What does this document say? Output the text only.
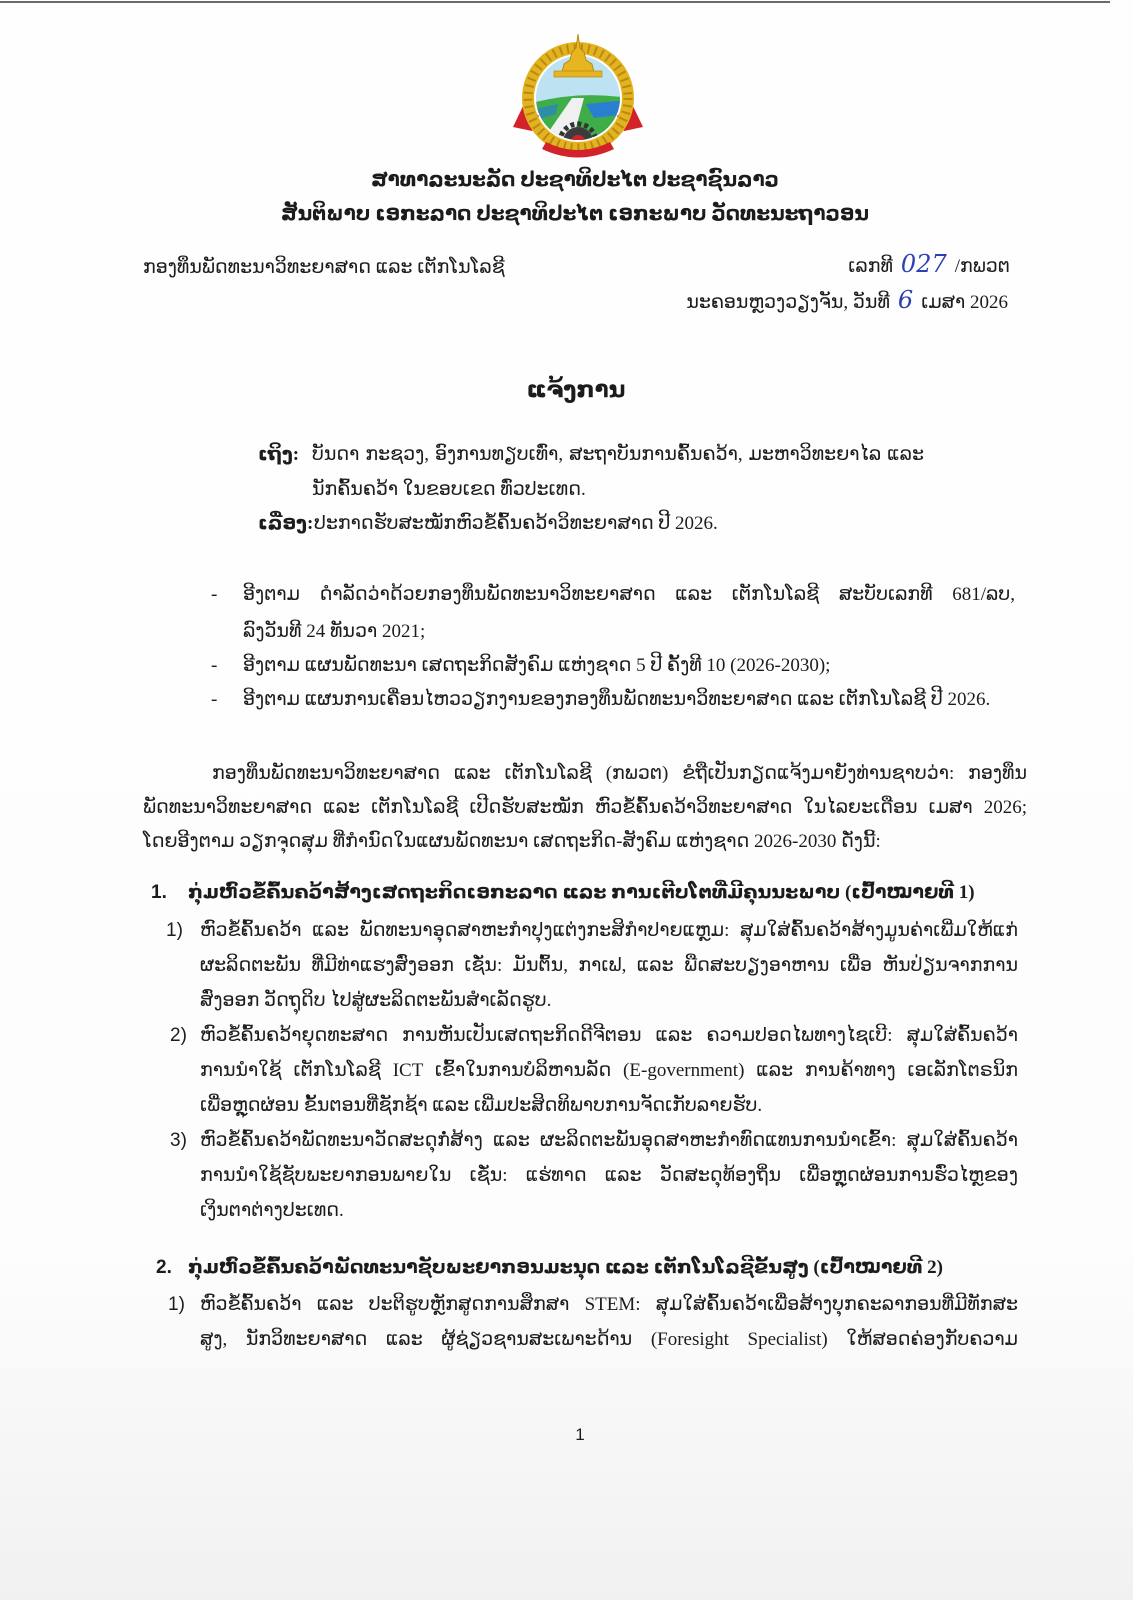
ສາທາລະນະລັດ ປະຊາທິປະໄຕ ປະຊາຊົນລາວ
ສັນຕິພາບ ເອກະລາດ ປະຊາທິປະໄຕ ເອກະພາບ ວັດທະນະຖາວອນ
ກອງທຶນພັດທະນາວິທະຍາສາດ ແລະ ເຕັກໂນໂລຊີ	ເລກທີ 027 /ກພວຕ
ນະຄອນຫຼວງວຽງຈັນ, ວັນທີ 6 ເມສາ 2026
ແຈ້ງການ
ເຖິງ: ບັນດາ ກະຊວງ, ອົງການທຽບເທົ່າ, ສະຖາບັນການຄົ້ນຄວ້າ, ມະຫາວິທະຍາໄລ ແລະ
ນັກຄົ້ນຄວ້າ ໃນຂອບເຂດ ທົ່ວປະເທດ.
ເລື່ອງ: ປະກາດຮັບສະໝັກຫົວຂໍ້ຄົ້ນຄວ້າວິທະຍາສາດ ປີ 2026.
-	ອີງຕາມ ດຳລັດວ່າດ້ວຍກອງທຶນພັດທະນາວິທະຍາສາດ ແລະ ເຕັກໂນໂລຊີ ສະບັບເລກທີ 681/ລບ,
ລົງວັນທີ 24 ທັນວາ 2021;
-	ອີງຕາມ ແຜນພັດທະນາ ເສດຖະກິດສັງຄົມ ແຫ່ງຊາດ 5 ປີ ຄັ້ງທີ 10 (2026-2030);
-	ອີງຕາມ ແຜນການເຄື່ອນໄຫວວຽກງານຂອງກອງທຶນພັດທະນາວິທະຍາສາດ ແລະ ເຕັກໂນໂລຊີ ປີ 2026.
ກອງທຶນພັດທະນາວິທະຍາສາດ ແລະ ເຕັກໂນໂລຊີ (ກພວຕ) ຂໍຖືເປັນກຽດແຈ້ງມາຍັງທ່ານຊາບວ່າ: ກອງທຶນ
ພັດທະນາວິທະຍາສາດ ແລະ ເຕັກໂນໂລຊີ ເປີດຮັບສະໝັກ ຫົວຂໍ້ຄົ້ນຄວ້າວິທະຍາສາດ ໃນໄລຍະເດືອນ ເມສາ 2026;
ໂດຍອີງຕາມ ວຽກຈຸດສຸມ ທີ່ກຳນົດໃນແຜນພັດທະນາ ເສດຖະກິດ-ສັງຄົມ ແຫ່ງຊາດ 2026-2030 ດັ່ງນີ້:
1.	ກຸ່ມຫົວຂໍ້ຄົ້ນຄວ້າສ້າງເສດຖະກິດເອກະລາດ ແລະ ການເຕີບໂຕທີ່ມີຄຸນນະພາບ (ເປົ້າໝາຍທີ 1)
1) ຫົວຂໍ້ຄົ້ນຄວ້າ ແລະ ພັດທະນາອຸດສາຫະກຳປຸງແຕ່ງກະສິກຳປາຍແຫຼມ: ສຸມໃສ່ຄົ້ນຄວ້າສ້າງມູນຄ່າເພີ່ມໃຫ້ແກ່
ຜະລິດຕະພັນ ທີ່ມີທ່າແຮງສົ່ງອອກ ເຊັ່ນ: ມັນຕົ້ນ, ກາເຟ, ແລະ ພືດສະບຽງອາຫານ ເພື່ອ ຫັນປ່ຽນຈາກການ
ສົ່ງອອກ ວັດຖຸດິບ ໄປສູ່ຜະລິດຕະພັນສຳເລັດຮູບ.
2) ຫົວຂໍ້ຄົ້ນຄວ້າຍຸດທະສາດ ການຫັນເປັນເສດຖະກິດດີຈີຕອນ ແລະ ຄວາມປອດໄພທາງໄຊເບີ: ສຸມໃສ່ຄົ້ນຄວ້າ
ການນຳໃຊ້ ເຕັກໂນໂລຊີ ICT ເຂົ້າໃນການບໍລິຫານລັດ (E-government) ແລະ ການຄ້າທາງ ເອເລັກໂຕຣນິກ
ເພື່ອຫຼຸດຜ່ອນ ຂັ້ນຕອນທີ່ຊັກຊ້າ ແລະ ເພີ່ມປະສິດທິພາບການຈັດເກັບລາຍຮັບ.
3) ຫົວຂໍ້ຄົ້ນຄວ້າພັດທະນາວັດສະດຸກໍ່ສ້າງ ແລະ ຜະລິດຕະພັນອຸດສາຫະກຳທົດແທນການນຳເຂົ້າ: ສຸມໃສ່ຄົ້ນຄວ້າ
ການນຳໃຊ້ຊັບພະຍາກອນພາຍໃນ ເຊັ່ນ: ແຮ່ທາດ ແລະ ວັດສະດຸທ້ອງຖິ່ນ ເພື່ອຫຼຸດຜ່ອນການຮົ່ວໄຫຼຂອງ
ເງິນຕາຕ່າງປະເທດ.
2. ກຸ່ມຫົວຂໍ້ຄົ້ນຄວ້າພັດທະນາຊັບພະຍາກອນມະນຸດ ແລະ ເຕັກໂນໂລຊີຂັ້ນສູງ (ເປົ້າໝາຍທີ 2)
1) ຫົວຂໍ້ຄົ້ນຄວ້າ ແລະ ປະຕິຮູບຫຼັກສູດການສຶກສາ STEM: ສຸມໃສ່ຄົ້ນຄວ້າເພື່ອສ້າງບຸກຄະລາກອນທີ່ມີທັກສະ
ສູງ, ນັກວິທະຍາສາດ ແລະ ຜູ້ຊ່ຽວຊານສະເພາະດ້ານ (Foresight Specialist) ໃຫ້ສອດຄ່ອງກັບຄວາມ
1
